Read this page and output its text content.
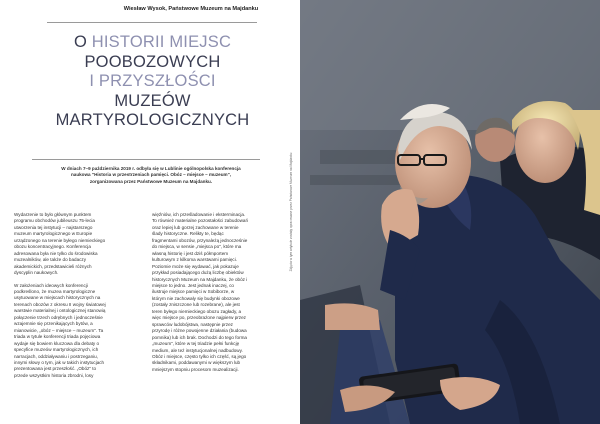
Wiesław Wysok, Państwowe Muzeum na Majdanku
O HISTORII MIEJSC
POOBOZOWYCH
I PRZYSZŁOŚCI
MUZEÓW
MARTYROLOGICZNYCH
W dniach 7–9 października 2019 r. odbyła się w Lublinie ogólnopolska konferencja
naukowa "Historia w przestrzeniach pamięci. Obóz – miejsce – muzeum",
zorganizowana przez Państwowe Muzeum na Majdanku.
Wydarzenie to było głównym punktem
programu obchodów jubileuszu 75-lecia
utworzenia tej instytucji – najstarszego
muzeum martyrologicznego w Europie
urządzonego na terenie byłego niemieckiego
obozu koncentracyjnego. Konferencja
adresowana była nie tylko do środowiska
muzealników, ale także do badaczy
akademickich, przedstawicieli różnych
dyscyplin naukowych.
W założeniach ideowych konferencji
podkreślono, że muzea martyrologiczne
usytuowane w miejscach historycznych na
terenach obozów z okresu II wojny światowej
warstwie materialnej i ontologicznej stanowią
połączenie trzech odrębnych i jednocześnie
wzajemnie się przenikających bytów, a
mianowicie, „obóz – miejsce – muzeum". Ta
triada w tytule konferencji triada pojęciowa
wydaje się bowiem kluczowa dla debaty o
specyfice muzeów martyrologicznych, ich
narracjach, oddziaływaniu i postrzeganiu,
innymi słowy o tym, jak w takich instytucjach
prezentowana jest przeszłość. „Obóz" to
przede wszystkim historia zbrodni, losy
więźniów, ich prześladowanie i eksterminacja.
To również materialne pozostałości zabudowań
oraz lepiej lub gorzej zachowane w terenie
ślady historyczne. Relikty te, będąc
fragmentami obozów, przynależą jednocześnie
do miejsca, w sensie „miejsca po", które ma
własną historię i jest dziś półmportem
kulturowym z kilkoma warstwami pamięci.
Poziomie może się wydawać, jak pokazuje
przykład posiadającego dużą liczbę obiektów
historycznych Muzeum na Majdanku, że obóz i
miejsce to jedno. Jest jednak inaczej, co
ilustruje miejsce pamięci w Sobiborze, w
którym nie zachowały się budynki obozowe
(zostały zniszczone lub rozebrane), ale jest
teren byłego niemieckiego obozu zagłady, a
więc miejsce po, przeobrażone najpierw przez
sprawców ludobójstwa, następnie przez
przyrodę i różne powojenne działania (budowa
pomnika) lub ich brak. Dochodzi do tego forma
„muzeum", które w tej triadzie pełni funkcję
medium, ale też instytucjonalnej nadbudowy.
Obóz i miejsce, często tylko ich część, są jego
składnikami, poddawanymi w większym lub
mniejszym stopniu procesom muzealizacji.
Zdjęcia w tym artykule zostały opracowane przez Państwowe Muzeum na Majdanku
